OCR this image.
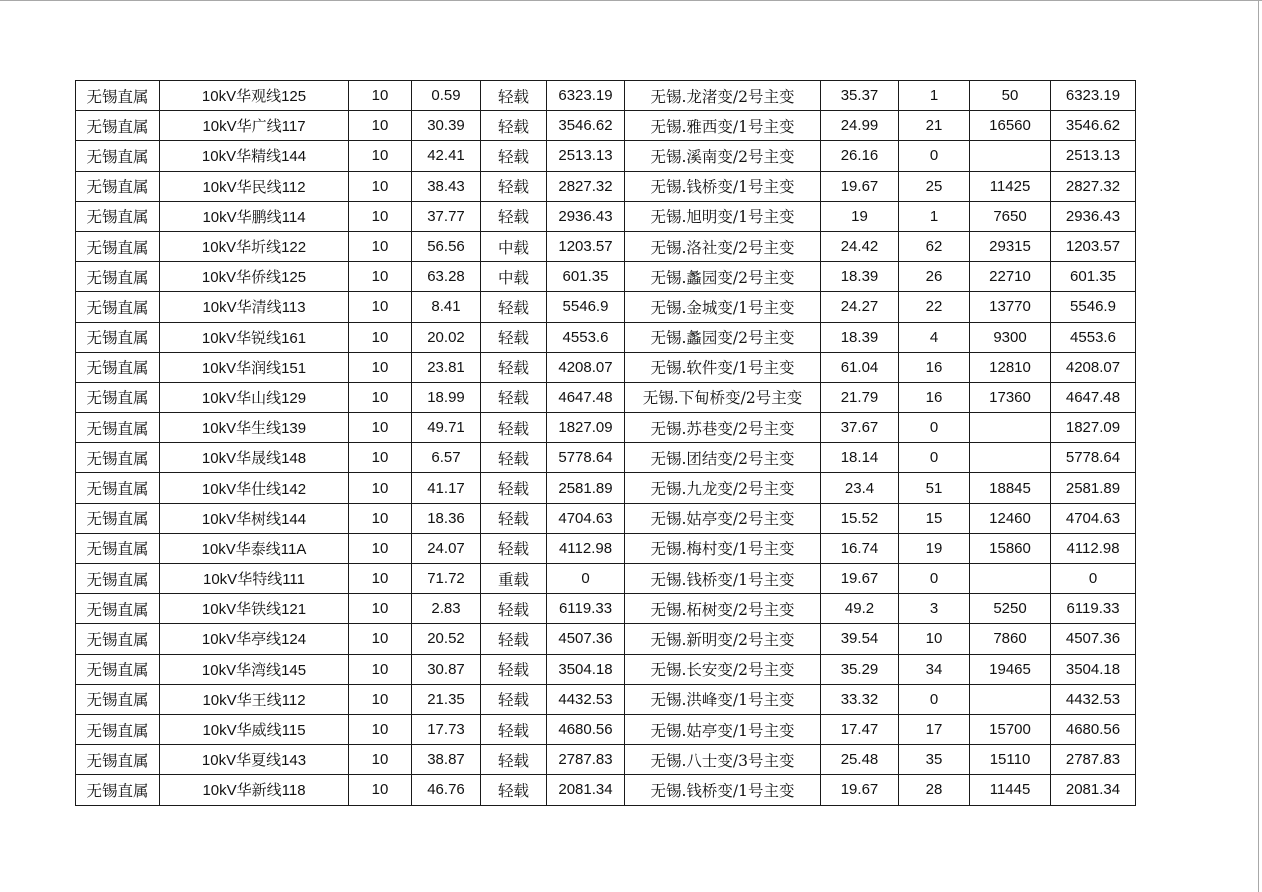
无锡直属	10kV华观线125	10	0.59	轻载	6323.19	无锡.龙渚变/2号主变	35.37	1	50	6323.19
无锡直属	10kV华广线117	10	30.39	轻载	3546.62	无锡.雅西变/1号主变	24.99	21	16560	3546.62
无锡直属	10kV华精线144	10	42.41	轻载	2513.13	无锡.溪南变/2号主变	26.16	0		2513.13
无锡直属	10kV华民线112	10	38.43	轻载	2827.32	无锡.钱桥变/1号主变	19.67	25	11425	2827.32
无锡直属	10kV华鹏线114	10	37.77	轻载	2936.43	无锡.旭明变/1号主变	19	1	7650	2936.43
无锡直属	10kV华圻线122	10	56.56	中载	1203.57	无锡.洛社变/2号主变	24.42	62	29315	1203.57
无锡直属	10kV华侨线125	10	63.28	中载	601.35	无锡.蠡园变/2号主变	18.39	26	22710	601.35
无锡直属	10kV华清线113	10	8.41	轻载	5546.9	无锡.金城变/1号主变	24.27	22	13770	5546.9
无锡直属	10kV华锐线161	10	20.02	轻载	4553.6	无锡.蠡园变/2号主变	18.39	4	9300	4553.6
无锡直属	10kV华润线151	10	23.81	轻载	4208.07	无锡.软件变/1号主变	61.04	16	12810	4208.07
无锡直属	10kV华山线129	10	18.99	轻载	4647.48	无锡.下甸桥变/2号主变	21.79	16	17360	4647.48
无锡直属	10kV华生线139	10	49.71	轻载	1827.09	无锡.苏巷变/2号主变	37.67	0		1827.09
无锡直属	10kV华晟线148	10	6.57	轻载	5778.64	无锡.团结变/2号主变	18.14	0		5778.64
无锡直属	10kV华仕线142	10	41.17	轻载	2581.89	无锡.九龙变/2号主变	23.4	51	18845	2581.89
无锡直属	10kV华树线144	10	18.36	轻载	4704.63	无锡.姑亭变/2号主变	15.52	15	12460	4704.63
无锡直属	10kV华泰线11A	10	24.07	轻载	4112.98	无锡.梅村变/1号主变	16.74	19	15860	4112.98
无锡直属	10kV华特线111	10	71.72	重载	0	无锡.钱桥变/1号主变	19.67	0		0
无锡直属	10kV华铁线121	10	2.83	轻载	6119.33	无锡.柘树变/2号主变	49.2	3	5250	6119.33
无锡直属	10kV华亭线124	10	20.52	轻载	4507.36	无锡.新明变/2号主变	39.54	10	7860	4507.36
无锡直属	10kV华湾线145	10	30.87	轻载	3504.18	无锡.长安变/2号主变	35.29	34	19465	3504.18
无锡直属	10kV华王线112	10	21.35	轻载	4432.53	无锡.洪峰变/1号主变	33.32	0		4432.53
无锡直属	10kV华威线115	10	17.73	轻载	4680.56	无锡.姑亭变/1号主变	17.47	17	15700	4680.56
无锡直属	10kV华夏线143	10	38.87	轻载	2787.83	无锡.八士变/3号主变	25.48	35	15110	2787.83
无锡直属	10kV华新线118	10	46.76	轻载	2081.34	无锡.钱桥变/1号主变	19.67	28	11445	2081.34
